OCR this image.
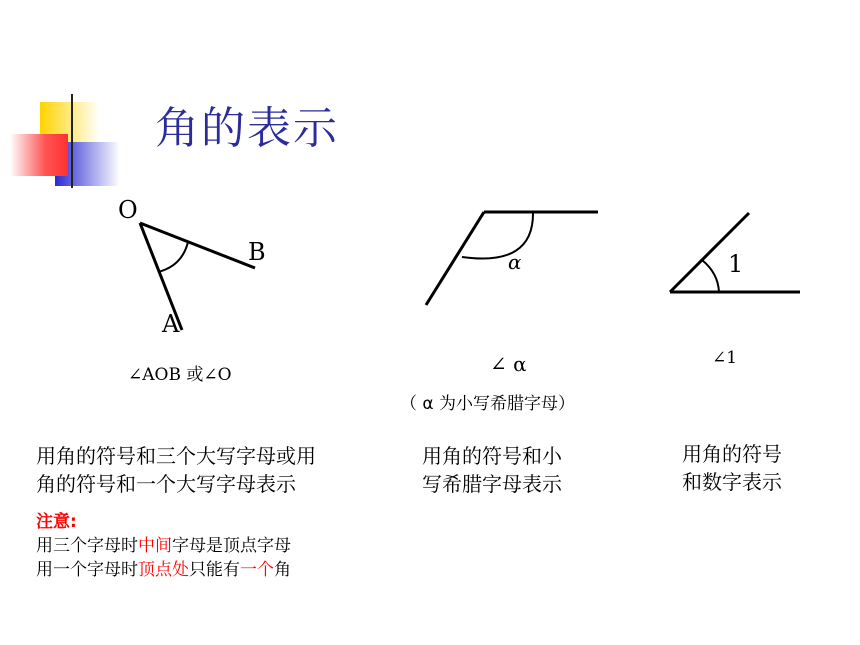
角的表示
O
B
A
∠AOB 或∠O
α
∠ α
（ α 为小写希腊字母）
1
∠1
用角的符号和三个大写字母或用
角的符号和一个大写字母表示
用角的符号和小
写希腊字母表示
用角的符号
和数字表示
注意:
用三个字母时中间字母是顶点字母
用一个字母时顶点处只能有一个角
